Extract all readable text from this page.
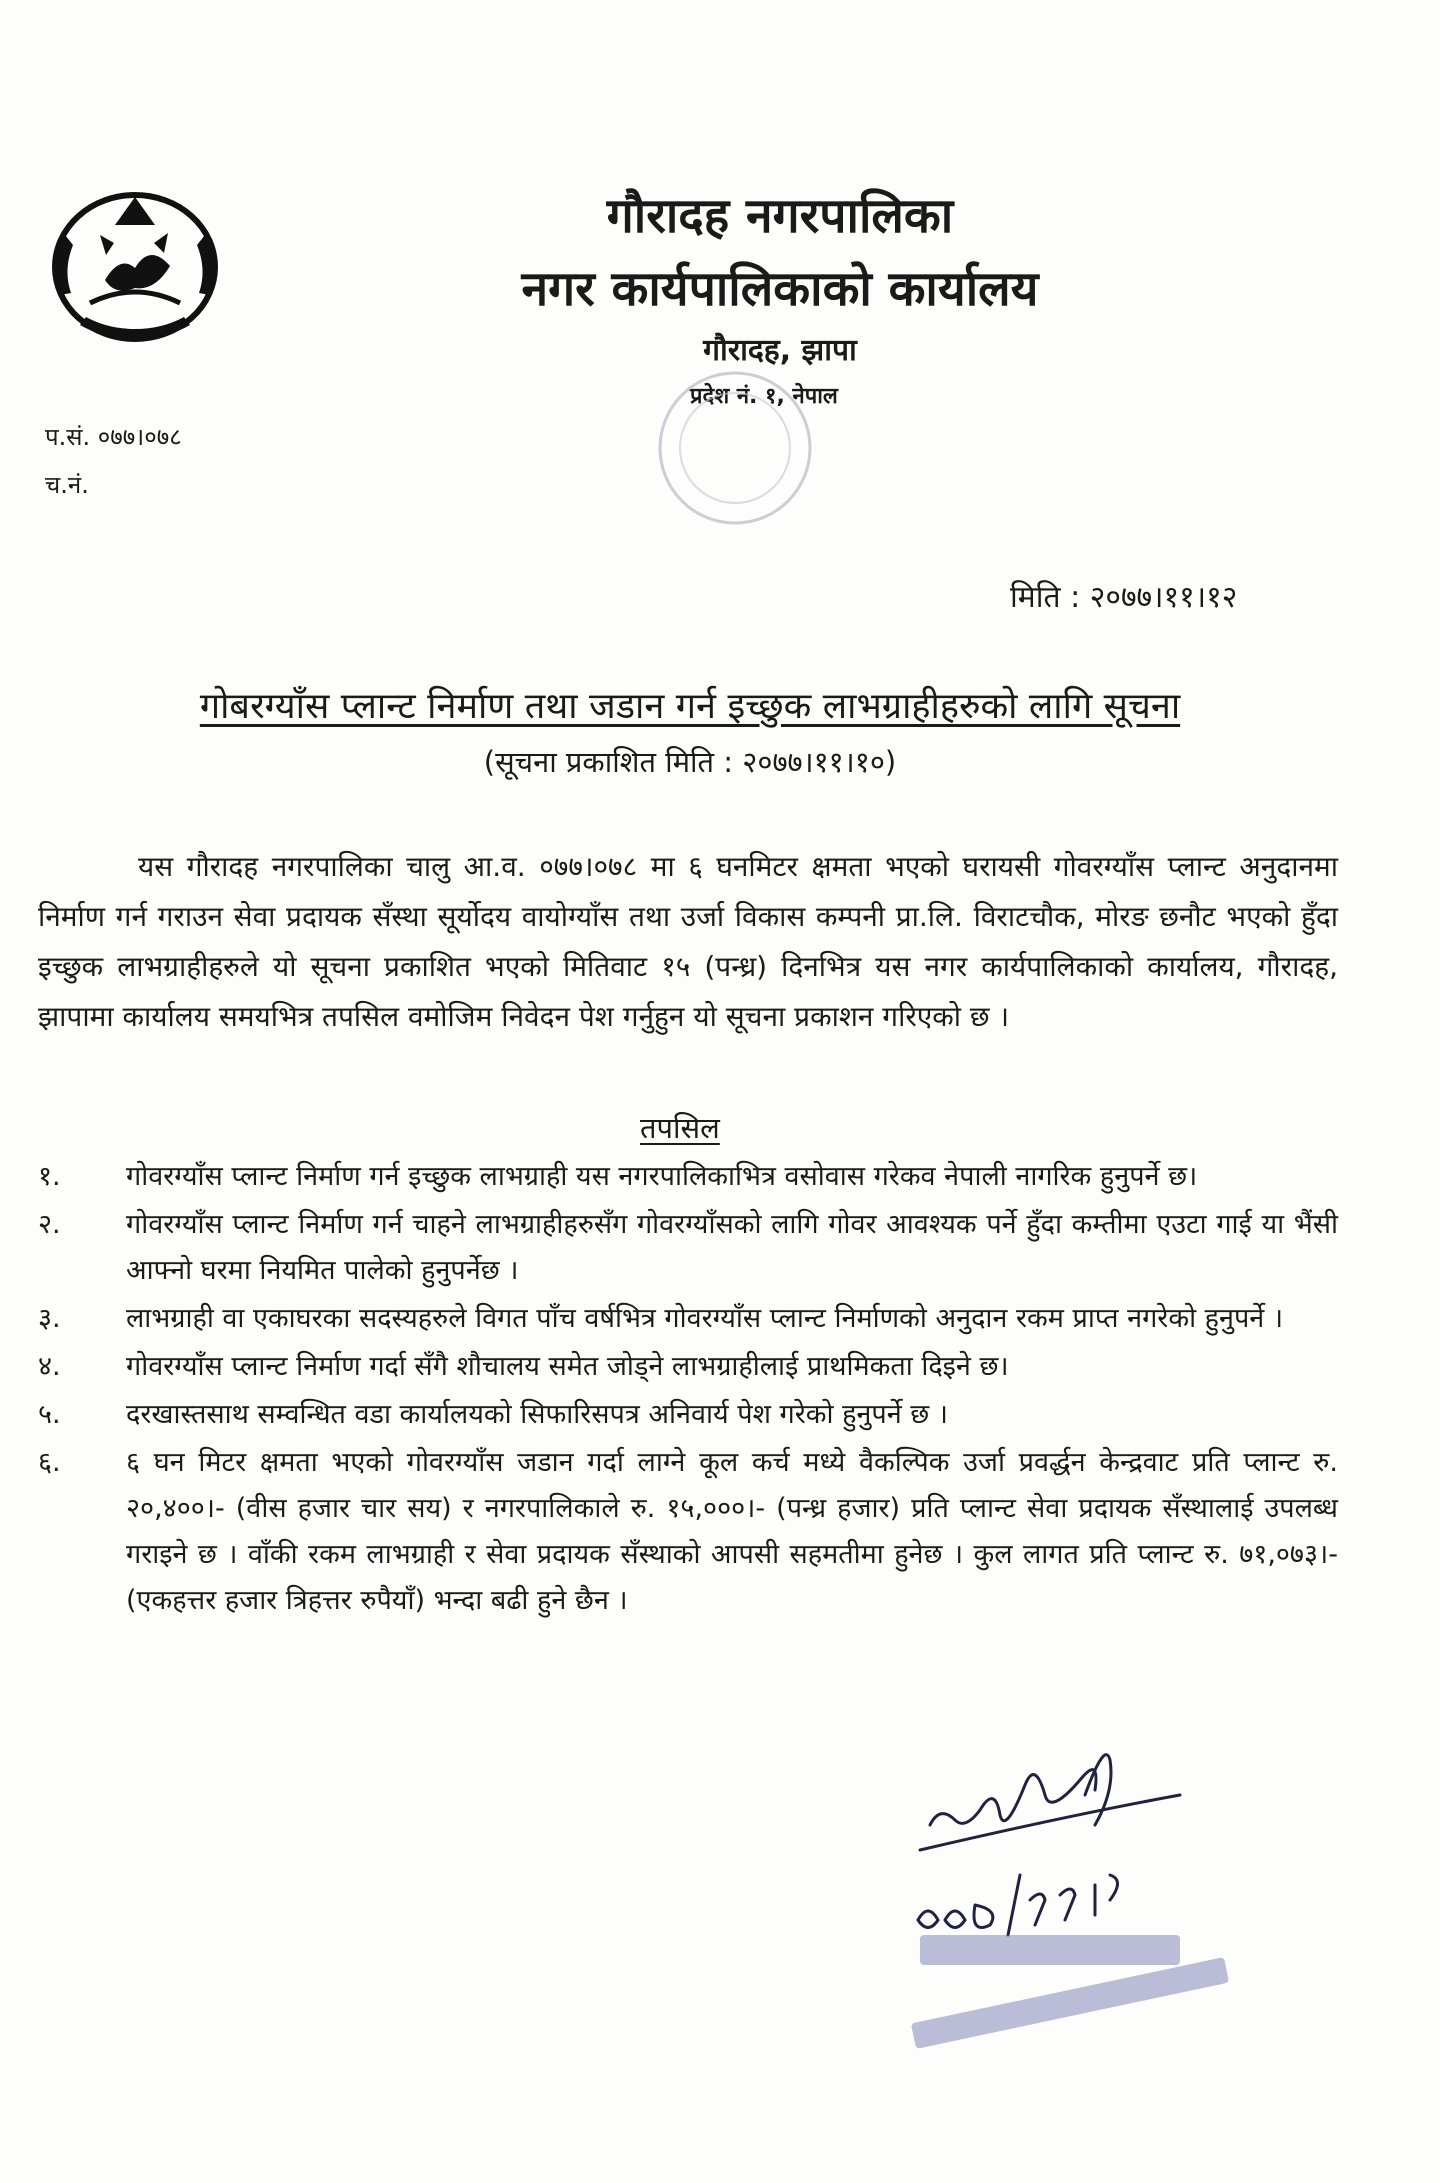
गौरादह नगरपालिका
नगर कार्यपालिकाको कार्यालय
गौरादह, झापा
प्रदेश नं. १, नेपाल
प.सं. ०७७।०७८
च.नं.
मिति : २०७७।११।१२
गोबरग्याँस प्लान्ट निर्माण तथा जडान गर्न इच्छुक लाभग्राहीहरुको लागि सूचना
(सूचना प्रकाशित मिति : २०७७।११।१०)
यस गौरादह नगरपालिका चालु आ.व. ०७७।०७८ मा ६ घनमिटर क्षमता भएको घरायसी गोवरग्याँस प्लान्ट अनुदानमा निर्माण गर्न गराउन सेवा प्रदायक सँस्था सूर्योदय वायोग्याँस तथा उर्जा विकास कम्पनी प्रा.लि. विराटचौक, मोरङ छनौट भएको हुँदा इच्छुक लाभग्राहीहरुले यो सूचना प्रकाशित भएको मितिवाट १५ (पन्ध्र) दिनभित्र यस नगर कार्यपालिकाको कार्यालय, गौरादह, झापामा कार्यालय समयभित्र तपसिल वमोजिम निवेदन पेश गर्नुहुन यो सूचना प्रकाशन गरिएको छ ।
तपसिल
१.	गोवरग्याँस प्लान्ट निर्माण गर्न इच्छुक लाभग्राही यस नगरपालिकाभित्र वसोवास गरेकव नेपाली नागरिक हुनुपर्ने छ।
२.	गोवरग्याँस प्लान्ट निर्माण गर्न चाहने लाभग्राहीहरुसँग गोवरग्याँसको लागि गोवर आवश्यक पर्ने हुँदा कम्तीमा एउटा गाई या भैंसी आफ्नो घरमा नियमित पालेको हुनुपर्नेछ ।
३.	लाभग्राही वा एकाघरका सदस्यहरुले विगत पाँच वर्षभित्र गोवरग्याँस प्लान्ट निर्माणको अनुदान रकम प्राप्त नगरेको हुनुपर्ने ।
४.	गोवरग्याँस प्लान्ट निर्माण गर्दा सँगै शौचालय समेत जोड्ने लाभग्राहीलाई प्राथमिकता दिइने छ।
५.	दरखास्तसाथ सम्वन्धित वडा कार्यालयको सिफारिसपत्र अनिवार्य पेश गरेको हुनुपर्ने छ ।
६.	६ घन मिटर क्षमता भएको गोवरग्याँस जडान गर्दा लाग्ने कूल कर्च मध्ये वैकल्पिक उर्जा प्रवर्द्धन केन्द्रवाट प्रति प्लान्ट रु. २०,४००।- (वीस हजार चार सय) र नगरपालिकाले रु. १५,०००।- (पन्ध्र हजार) प्रति प्लान्ट सेवा प्रदायक सँस्थालाई उपलब्ध गराइने छ । वाँकी रकम लाभग्राही र सेवा प्रदायक सँस्थाको आपसी सहमतीमा हुनेछ । कुल लागत प्रति प्लान्ट रु. ७१,०७३।- (एकहत्तर हजार त्रिहत्तर रुपैयाँ) भन्दा बढी हुने छैन ।
